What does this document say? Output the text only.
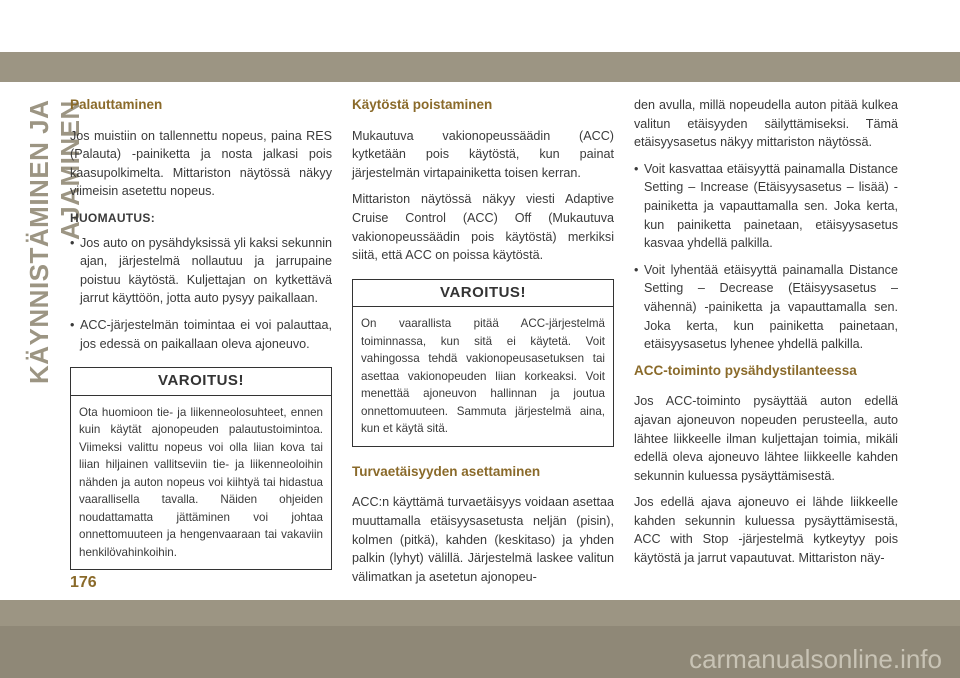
KÄYNNISTÄMINEN JA AJAMINEN
Palauttaminen

Jos muistiin on tallennettu nopeus, paina RES (Palauta) -painiketta ja nosta jalkasi pois kaasupolkimelta. Mittariston näytössä näkyy viimeisin asetettu nopeus.

HUOMAUTUS:
• Jos auto on pysähdyksissä yli kaksi sekunnin ajan, järjestelmä nollautuu ja jarrupaine poistuu käytöstä. Kuljettajan on kytkettävä jarrut käyttöön, jotta auto pysyy paikallaan.
• ACC-järjestelmän toimintaa ei voi palauttaa, jos edessä on paikallaan oleva ajoneuvo.
VAROITUS!
Ota huomioon tie- ja liikenneolosuhteet, ennen kuin käytät ajonopeuden palautustoimintoa. Viimeksi valittu nopeus voi olla liian kova tai liian hiljainen vallitseviin tie- ja liikenneoloihin nähden ja auton nopeus voi kiihtyä tai hidastua vaarallisella tavalla. Näiden ohjeiden noudattamatta jättäminen voi johtaa onnettomuuteen ja hengenvaaraan tai vakaviin henkilövahinkoihin.
Käytöstä poistaminen

Mukautuva vakionopeussäädin (ACC) kytketään pois käytöstä, kun painat järjestelmän virtapainiketta toisen kerran.

Mittariston näytössä näkyy viesti Adaptive Cruise Control (ACC) Off (Mukautuva vakionopeussäädin pois käytöstä) merkiksi siitä, että ACC on poissa käytöstä.

VAROITUS!
On vaarallista pitää ACC-järjestelmä toiminnassa, kun sitä ei käytetä. Voit vahingossa tehdä vakionopeusasetuksen tai asettaa vakionopeuden liian korkeaksi. Voit menettää ajoneuvon hallinnan ja joutua onnettomuuteen. Sammuta järjestelmä aina, kun et käytä sitä.
Turvaetäisyyden asettaminen

ACC:n käyttämä turvaetäisyys voidaan asettaa muuttamalla etäisyysasetusta neljän (pisin), kolmen (pitkä), kahden (keskitaso) ja yhden palkin (lyhyt) välillä. Järjestelmä laskee valitun välimatkan ja asetetun ajonopeu-

den avulla, millä nopeudella auton pitää kulkea valitun etäisyyden säilyttämiseksi. Tämä etäisyysasetus näkyy mittariston näytössä.

• Voit kasvattaa etäisyyttä painamalla Distance Setting – Increase (Etäisyysasetus – lisää) -painiketta ja vapauttamalla sen. Joka kerta, kun painiketta painetaan, etäisyysasetus kasvaa yhdellä palkilla.
• Voit lyhentää etäisyyttä painamalla Distance Setting – Decrease (Etäisyysasetus – vähennä) -painiketta ja vapauttamalla sen. Joka kerta, kun painiketta painetaan, etäisyysasetus lyhenee yhdellä palkilla.
ACC-toiminto pysähdystilanteessa

Jos ACC-toiminto pysäyttää auton edellä ajavan ajoneuvon nopeuden perusteella, auto lähtee liikkeelle ilman kuljettajan toimia, mikäli edellä oleva ajoneuvo lähtee liikkeelle kahden sekunnin kuluessa pysäyttämisestä.

Jos edellä ajava ajoneuvo ei lähde liikkeelle kahden sekunnin kuluessa pysäyttämisestä, ACC with Stop -järjestelmä kytkeytyy pois käytöstä ja jarrut vapautuvat. Mittariston näy-

176
carmanualsonline.info
